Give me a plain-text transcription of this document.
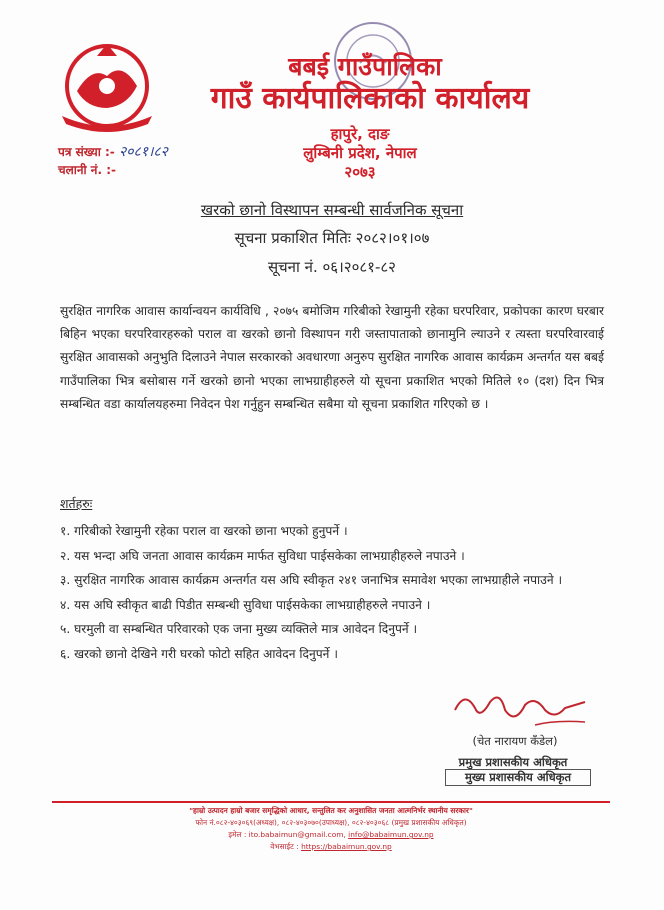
बबई गाउँपालिका
गाउँ कार्यपालिकाको कार्यालय
हापुरे, दाङ
लुम्बिनी प्रदेश, नेपाल
२०७३
पत्र संख्या :- २०८१।८२
चलानी नं. :-
खरको छानो विस्थापन सम्बन्धी सार्वजनिक सूचना
सूचना प्रकाशित मितिः २०८२।०१।०७
सूचना नं. ०६।२०८१-८२
सुरक्षित नागरिक आवास कार्यान्वयन कार्यविधि , २०७५ बमोजिम गरिबीको रेखामुनी रहेका घरपरिवार, प्रकोपका कारण घरबार बिहिन भएका घरपरिवारहरुको पराल वा खरको छानो विस्थापन गरी जस्तापाताको छानामुनि ल्याउने र त्यस्ता घरपरिवारवाई सुरक्षित आवासको अनुभुति दिलाउने नेपाल सरकारको अवधारणा अनुरुप सुरक्षित नागरिक आवास कार्यक्रम अन्तर्गत यस बबई गाउँपालिका भित्र बसोबास गर्ने खरको छानो भएका लाभग्राहीहरुले यो सूचना प्रकाशित भएको मितिले १० (दश) दिन भित्र सम्बन्धित वडा कार्यालयहरुमा निवेदन पेश गर्नुहुन सम्बन्धित सबैमा यो सूचना प्रकाशित गरिएको छ ।
शर्तहरुः
१. गरिबीको रेखामुनी रहेका पराल वा खरको छाना भएको हुनुपर्ने ।
२. यस भन्दा अघि जनता आवास कार्यक्रम मार्फत सुविधा पाईसकेका लाभग्राहीहरुले नपाउने ।
३. सुरक्षित नागरिक आवास कार्यक्रम अन्तर्गत यस अघि स्वीकृत २४१ जनाभित्र समावेश भएका लाभग्राहीले नपाउने ।
४. यस अघि स्वीकृत बाढी पिडीत सम्बन्धी सुविधा पाईसकेका लाभग्राहीहरुले नपाउने ।
५. घरमुली वा सम्बन्धित परिवारको एक जना मुख्य व्यक्तिले मात्र आवेदन दिनुपर्ने ।
६. खरको छानो देखिने गरी घरको फोटो सहित आवेदन दिनुपर्ने ।
(चेत नारायण कँडेल)
प्रमुख प्रशासकीय अधिकृत
मुख्य प्रशासकीय अधिकृत
"हाम्रो उत्पादन हाम्रो बजार समृद्धिको आधार, सन्तुलित कर अनुशासित जनता आत्मनिर्भर स्थानीय सरकार"
फोन नं.०८२-४०३०६९(अध्यक्ष), ०८२-४०३०७०(उपाध्यक्ष), ०८२-४०३०६८ (प्रमुख प्रशासकीय अधिकृत)
इमेल : ito.babaimun@gmail.com, info@babaimun.gov.np
वेभसाईट : https://babaimun.gov.np
